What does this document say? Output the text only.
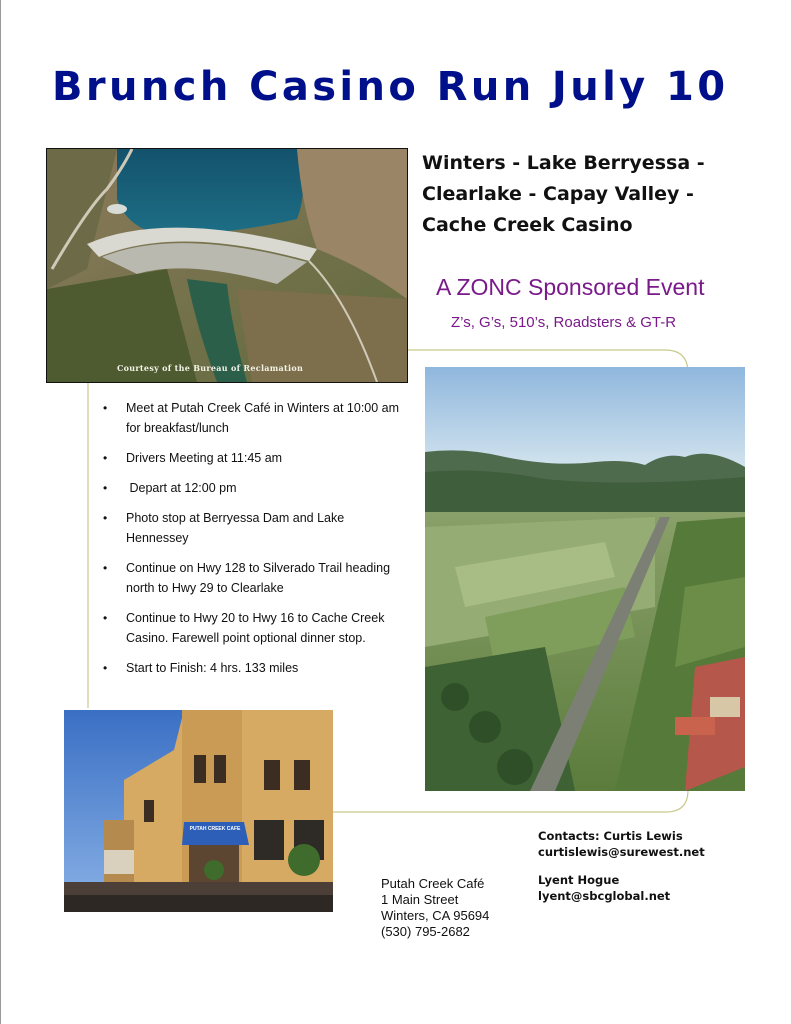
Brunch Casino Run July 10
Winters - Lake Berryessa - Clearlake - Capay Valley - Cache Creek Casino
A ZONC Sponsored Event
Z’s, G’s, 510’s, Roadsters & GT-R
Courtesy of the Bureau of Reclamation
PUTAH CREEK CAFE
• Meet at Putah Creek Café in Winters at 10:00 am for breakfast/lunch
• Drivers Meeting at 11:45 am
• Depart at 12:00 pm
• Photo stop at Berryessa Dam and Lake Hennessey
• Continue on Hwy 128 to Silverado Trail heading north to Hwy 29 to Clearlake
• Continue to Hwy 20 to Hwy 16 to Cache Creek Casino. Farewell point optional dinner stop.
• Start to Finish: 4 hrs. 133 miles
Contacts: Curtis Lewis
curtislewis@surewest.net
Lyent Hogue
lyent@sbcglobal.net
Putah Creek Café
1 Main Street
Winters, CA 95694
(530) 795-2682
